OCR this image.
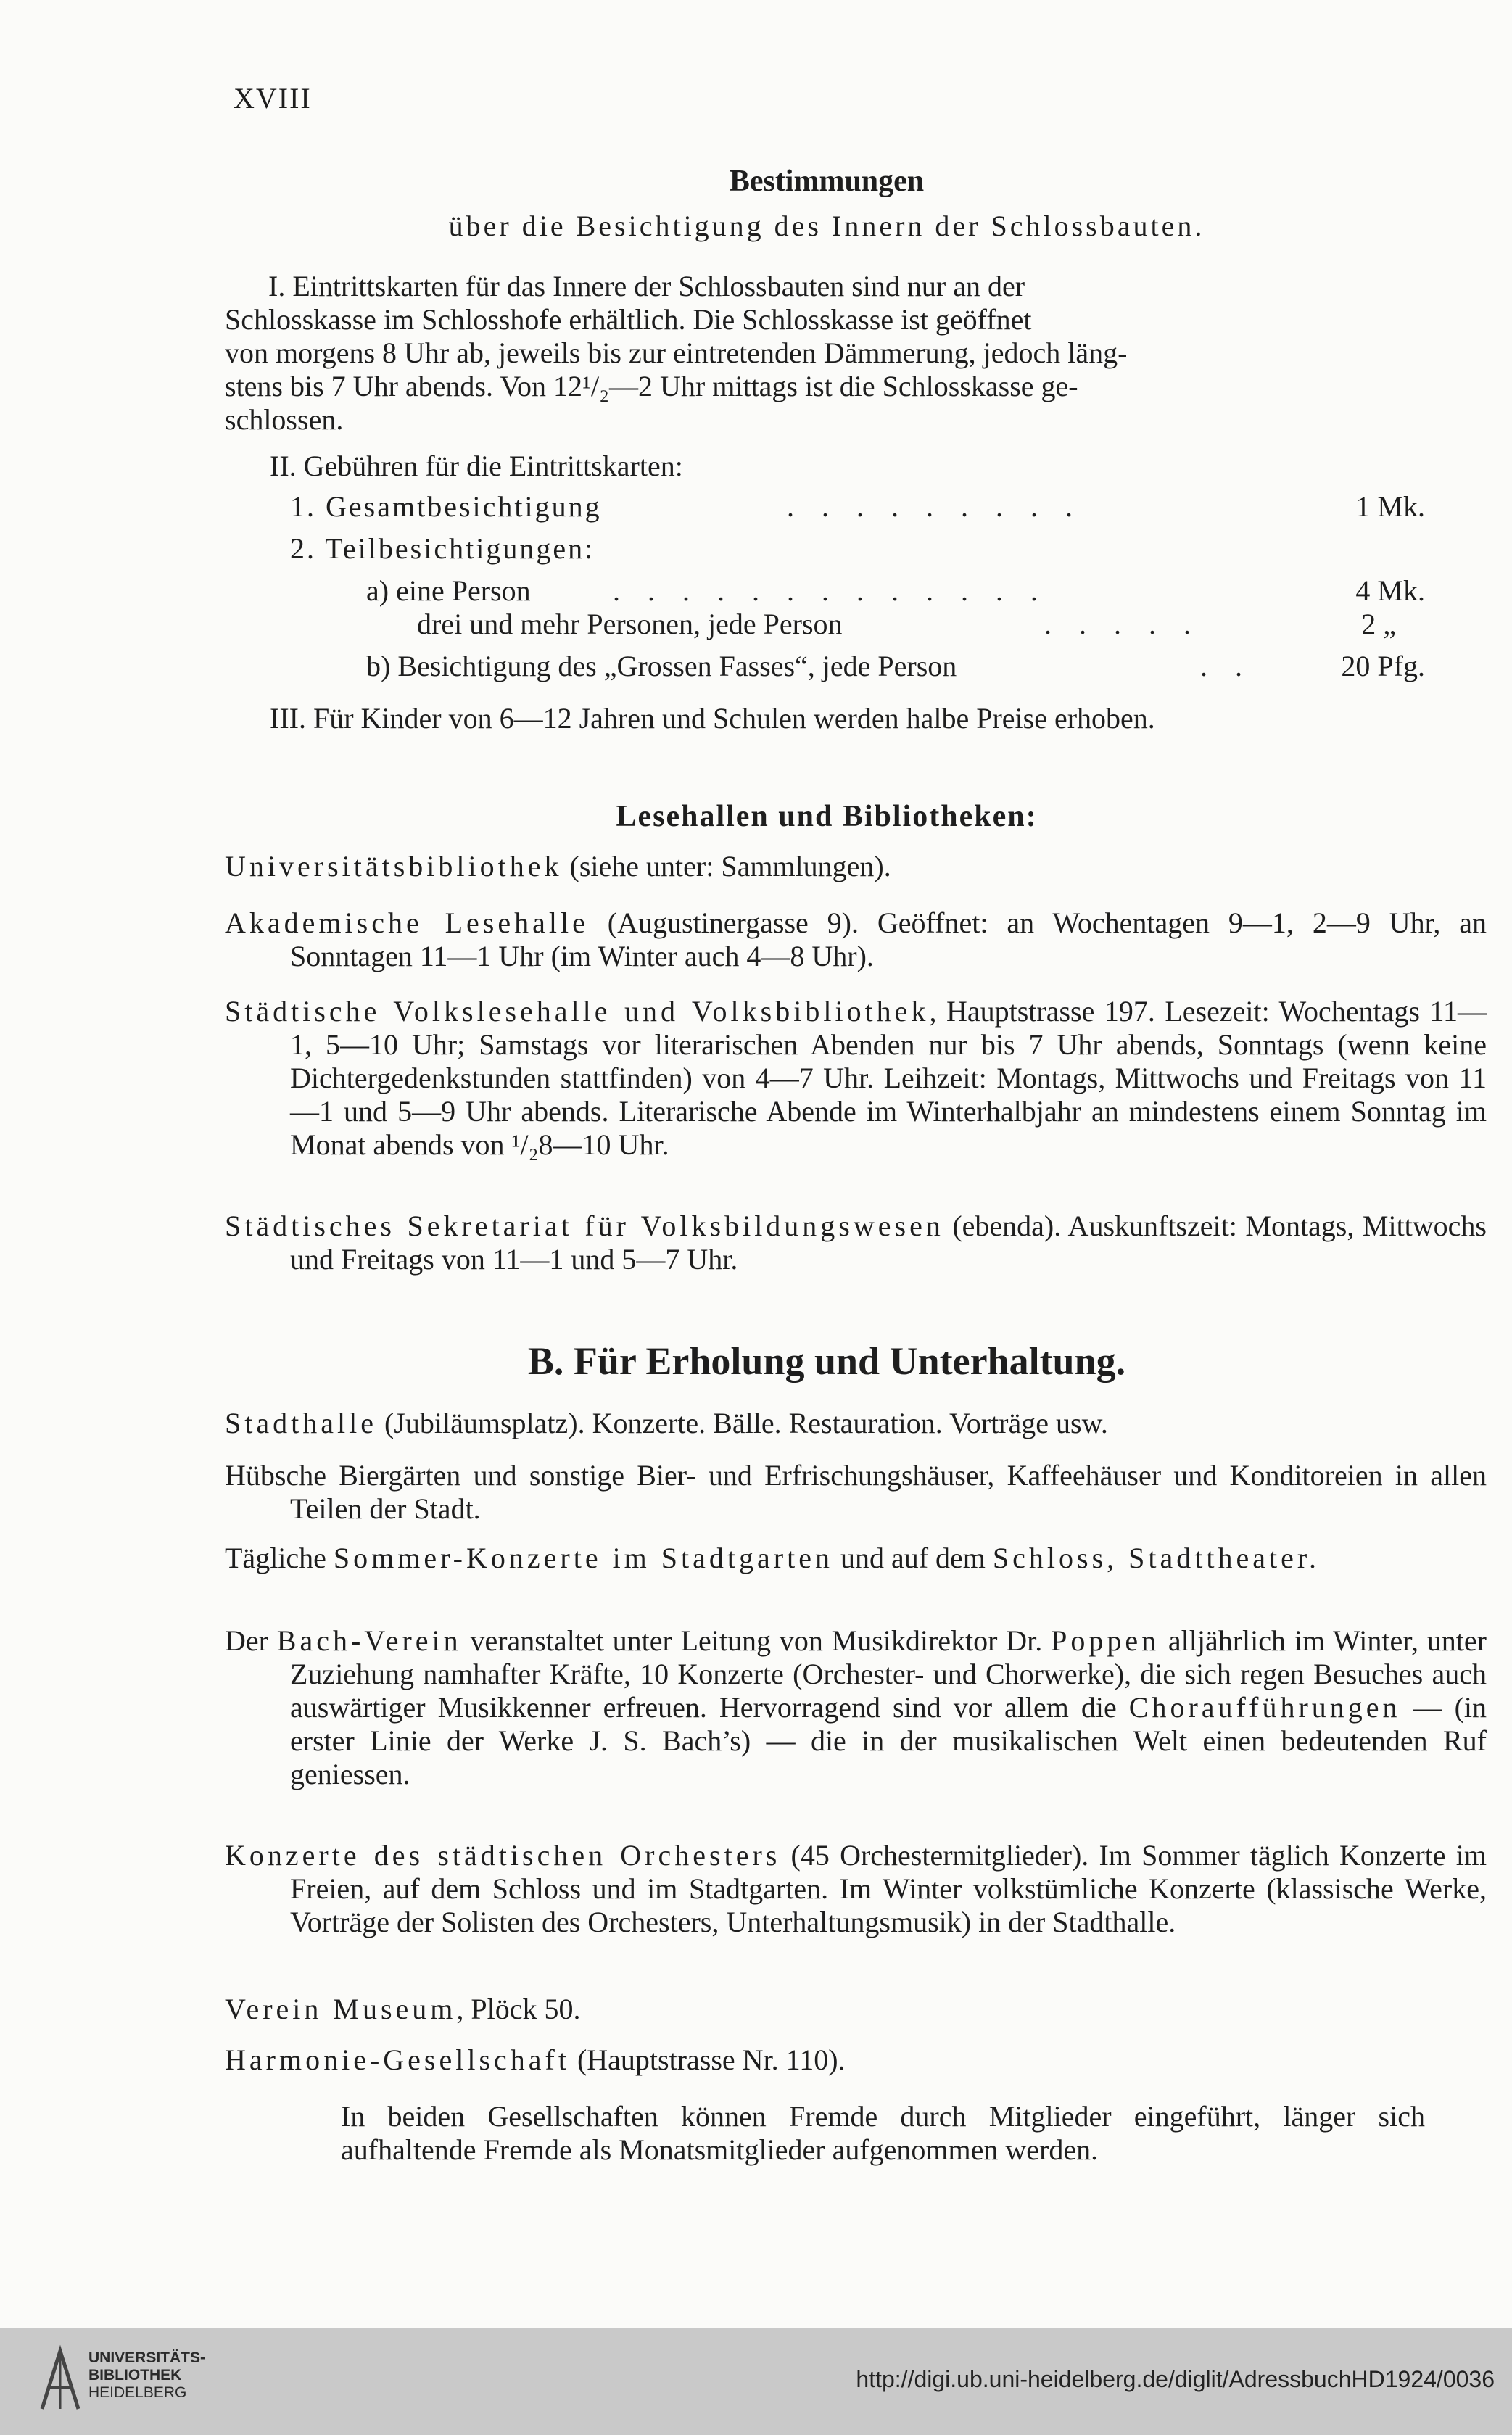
XVIII
Bestimmungen
über die Besichtigung des Innern der Schlossbauten.
I. Eintrittskarten für das Innere der Schlossbauten sind nur an der
Schlosskasse im Schlosshofe erhältlich. Die Schlosskasse ist geöffnet
von morgens 8 Uhr ab, jeweils bis zur eintretenden Dämmerung, jedoch läng-
stens bis 7 Uhr abends. Von 12¹/₂—2 Uhr mittags ist die Schlosskasse ge-
schlossen.
II. Gebühren für die Eintrittskarten:
1. Gesamtbesichtigung	. . . . . . . . .	1 Mk.
2. Teilbesichtigungen:
a) eine Person	. . . . . . . . . . . . .	4 Mk.
drei und mehr Personen, jede Person	. . . . .	2 „
b) Besichtigung des „Grossen Fasses“, jede Person	. .	20 Pfg.
III. Für Kinder von 6—12 Jahren und Schulen werden halbe Preise erhoben.
Lesehallen und Bibliotheken:
Universitätsbibliothek (siehe unter: Sammlungen).
Akademische Lesehalle (Augustinergasse 9). Geöffnet: an Wochentagen 9—1, 2—9 Uhr, an Sonntagen 11—1 Uhr (im Winter auch 4—8 Uhr).
Städtische Volkslesehalle und Volksbibliothek, Hauptstrasse 197. Lesezeit: Wochentags 11—1, 5—10 Uhr; Samstags vor literarischen Abenden nur bis 7 Uhr abends, Sonntags (wenn keine Dichtergedenkstunden stattfinden) von 4—7 Uhr. Leihzeit: Montags, Mittwochs und Freitags von 11—1 und 5—9 Uhr abends. Literarische Abende im Winterhalbjahr an mindestens einem Sonntag im Monat abends von ¹/₂8—10 Uhr.
Städtisches Sekretariat für Volksbildungswesen (ebenda). Auskunftszeit: Montags, Mittwochs und Freitags von 11—1 und 5—7 Uhr.
B. Für Erholung und Unterhaltung.
Stadthalle (Jubiläumsplatz). Konzerte. Bälle. Restauration. Vorträge usw.
Hübsche Biergärten und sonstige Bier- und Erfrischungshäuser, Kaffeehäuser und Konditoreien in allen Teilen der Stadt.
Tägliche Sommer-Konzerte im Stadtgarten und auf dem Schloss, Stadttheater.
Der Bach-Verein veranstaltet unter Leitung von Musikdirektor Dr. Poppen alljährlich im Winter, unter Zuziehung namhafter Kräfte, 10 Konzerte (Orchester- und Chorwerke), die sich regen Besuches auch auswärtiger Musikkenner erfreuen. Hervorragend sind vor allem die Choraufführungen — (in erster Linie der Werke J. S. Bach’s) — die in der musikalischen Welt einen bedeutenden Ruf geniessen.
Konzerte des städtischen Orchesters (45 Orchestermitglieder). Im Sommer täglich Konzerte im Freien, auf dem Schloss und im Stadtgarten. Im Winter volkstümliche Konzerte (klassische Werke, Vorträge der Solisten des Orchesters, Unterhaltungsmusik) in der Stadthalle.
Verein Museum, Plöck 50.
Harmonie-Gesellschaft (Hauptstrasse Nr. 110).
In beiden Gesellschaften können Fremde durch Mitglieder eingeführt, länger sich aufhaltende Fremde als Monatsmitglieder aufgenommen werden.
UNIVERSITÄTS-
BIBLIOTHEK
HEIDELBERG
http://digi.ub.uni-heidelberg.de/diglit/AdressbuchHD1924/0036
